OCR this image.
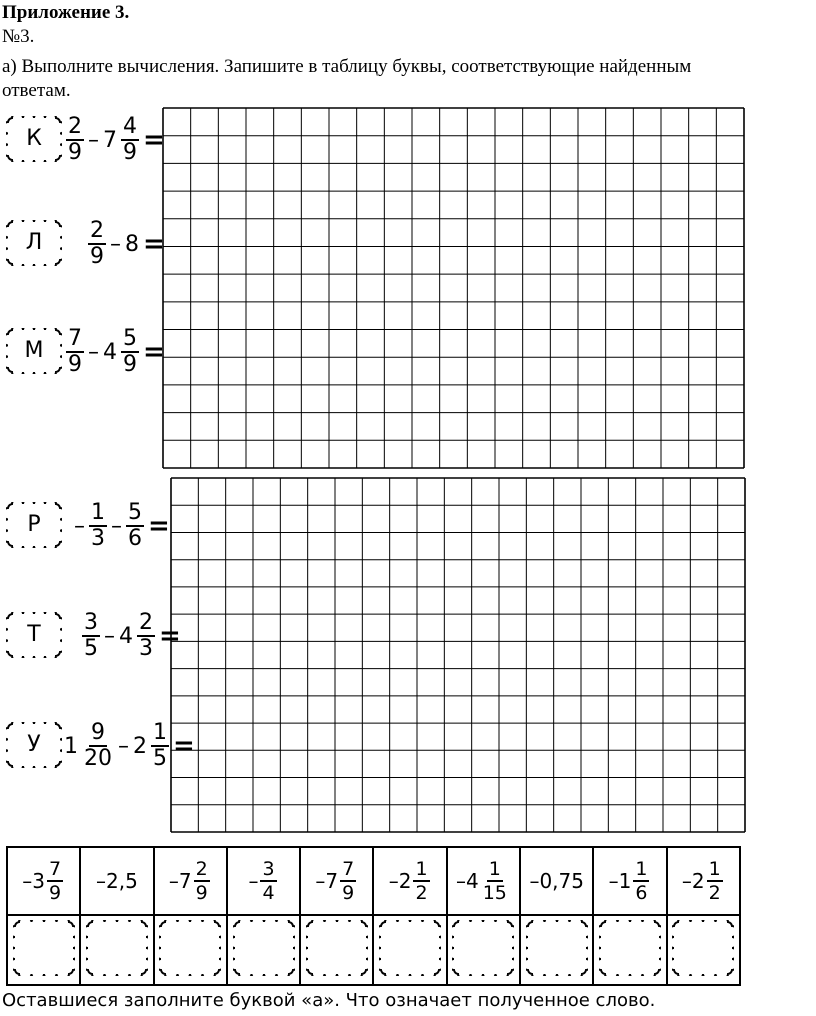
Приложение 3.
№3.
а) Выполните вычисления. Запишите в таблицу буквы, соответствующие найденным
ответам.
К	$\frac{2}{9} - 7 \frac{4}{9}$ =
Л	$\frac{2}{9} - 8$ =
М	$\frac{7}{9} - 4 \frac{5}{9}$ =
Р	– $\frac{1}{3} - \frac{5}{6}$ =
Т	$\frac{3}{5} - 4 \frac{2}{3}$ =
У	$1 \frac{9}{20} - 2 \frac{1}{5}$ =
$-3 \frac{7}{9}$	–2,5	$-7 \frac{2}{9}$	– $\frac{3}{4}$	$-7 \frac{7}{9}$	$-2 \frac{1}{2}$	$-4 \frac{1}{15}$	–0,75	$-1 \frac{1}{6}$	$-2 \frac{1}{2}$

Оставшиеся заполните буквой «а». Что означает полученное слово.
